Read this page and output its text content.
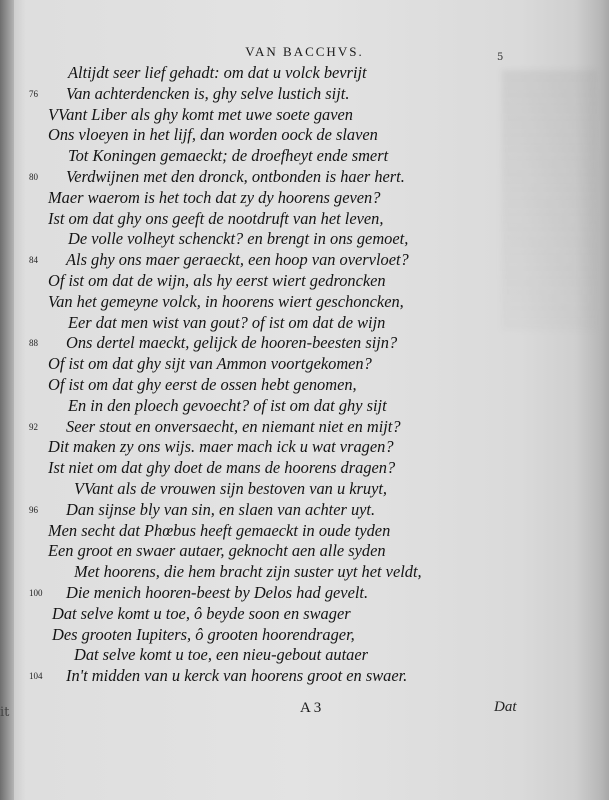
VAN BACCHVS.	5
it
Altijdt seer lief gehadt: om dat u volck bevrijt
76 Van achterdencken is, ghy selve lustich sijt.
VVant Liber als ghy komt met uwe soete gaven
Ons vloeyen in het lijf, dan worden oock de slaven
Tot Koningen gemaeckt; de droefheyt ende smert
80 Verdwijnen met den dronck, ontbonden is haer hert.
Maer waerom is het toch dat zy dy hoorens geven?
Ist om dat ghy ons geeft de nootdruft van het leven,
De volle volheyt schenckt? en brengt in ons gemoet,
84 Als ghy ons maer geraeckt, een hoop van overvloet?
Of ist om dat de wijn, als hy eerst wiert gedroncken
Van het gemeyne volck, in hoorens wiert geschoncken,
Eer dat men wist van gout? of ist om dat de wijn
88 Ons dertel maeckt, gelijck de hooren-beesten sijn?
Of ist om dat ghy sijt van Ammon voortgekomen?
Of ist om dat ghy eerst de ossen hebt genomen,
En in den ploech gevoecht? of ist om dat ghy sijt
92 Seer stout en onversaecht, en niemant niet en mijt?
Dit maken zy ons wijs. maer mach ick u wat vragen?
Ist niet om dat ghy doet de mans de hoorens dragen?
VVant als de vrouwen sijn bestoven van u kruyt,
96 Dan sijnse bly van sin, en slaen van achter uyt.
Men secht dat Phœbus heeft gemaeckt in oude tyden
Een groot en swaer autaer, geknocht aen alle syden
Met hoorens, die hem bracht zijn suster uyt het veldt,
100 Die menich hooren-beest by Delos had gevelt.
Dat selve komt u toe, ô beyde soon en swager
Des grooten Iupiters, ô grooten hoorendrager,
Dat selve komt u toe, een nieu-gebout autaer
104 In't midden van u kerck van hoorens groot en swaer.
A 3	Dat
